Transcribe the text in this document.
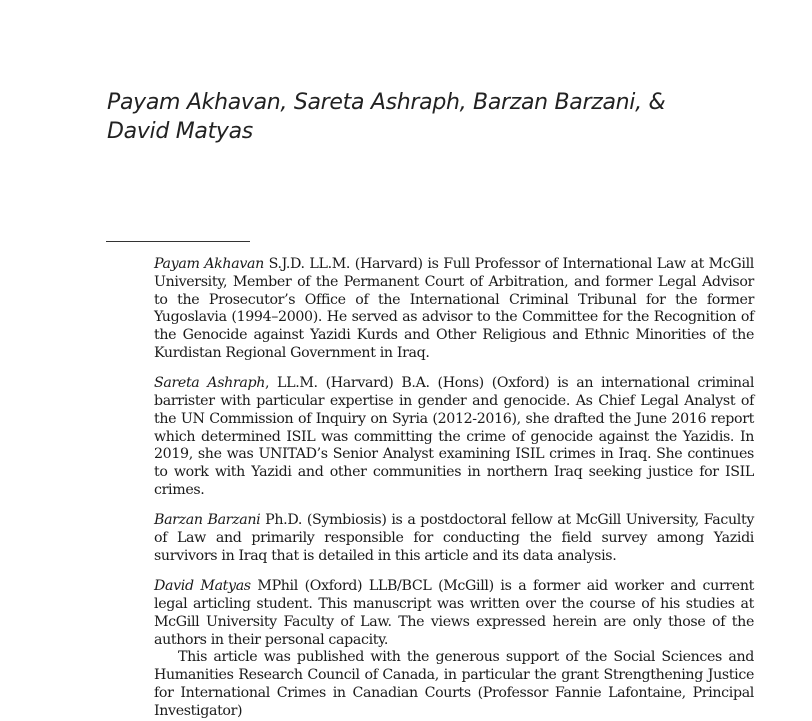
Payam Akhavan, Sareta Ashraph, Barzan Barzani, &
David Matyas

Payam Akhavan S.J.D. LL.M. (Harvard) is Full Professor of International Law at McGill University, Member of the Permanent Court of Arbitration, and former Legal Advisor to the Prosecutor’s Office of the International Criminal Tribunal for the former Yugoslavia (1994–2000). He served as advisor to the Committee for the Recognition of the Genocide against Yazidi Kurds and Other Religious and Ethnic Minorities of the Kurdistan Regional Government in Iraq.

Sareta Ashraph, LL.M. (Harvard) B.A. (Hons) (Oxford) is an international criminal barrister with particular expertise in gender and genocide. As Chief Legal Analyst of the UN Commission of Inquiry on Syria (2012-2016), she drafted the June 2016 report which determined ISIL was committing the crime of genocide against the Yazidis. In 2019, she was UNITAD’s Senior Analyst examining ISIL crimes in Iraq. She continues to work with Yazidi and other communities in northern Iraq seeking justice for ISIL crimes.

Barzan Barzani Ph.D. (Symbiosis) is a postdoctoral fellow at McGill University, Faculty of Law and primarily responsible for conducting the field survey among Yazidi survivors in Iraq that is detailed in this article and its data analysis.

David Matyas MPhil (Oxford) LLB/BCL (McGill) is a former aid worker and current legal articling student. This manuscript was written over the course of his studies at McGill University Faculty of Law. The views expressed herein are only those of the authors in their personal capacity.

This article was published with the generous support of the Social Sciences and Humanities Research Council of Canada, in particular the grant Strengthening Justice for International Crimes in Canadian Courts (Professor Fannie Lafontaine, Principal Investigator)
